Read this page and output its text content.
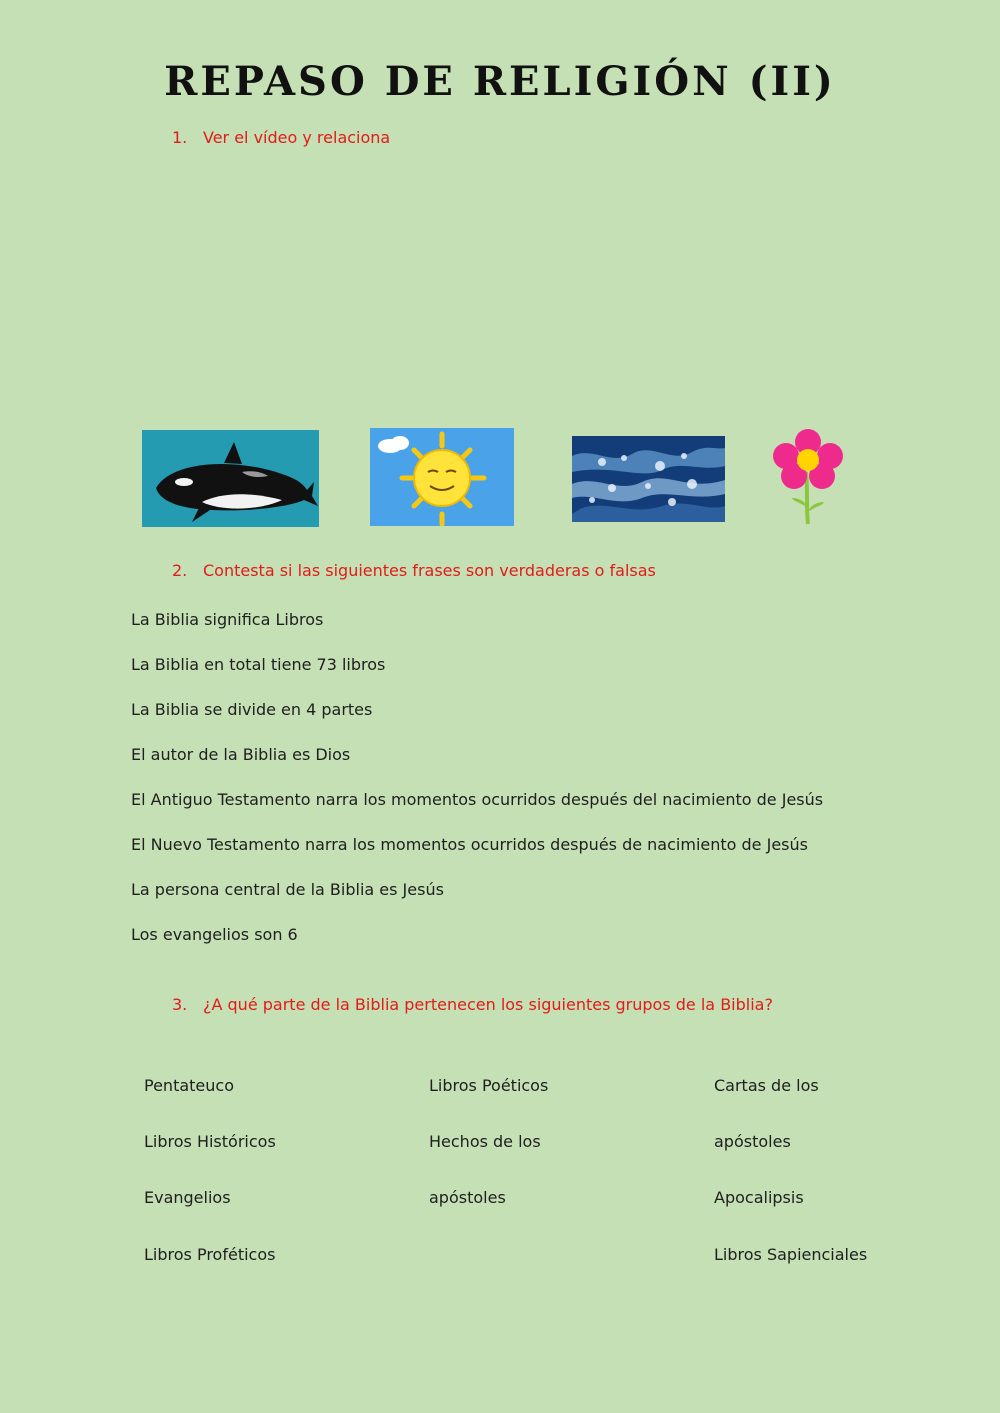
REPASO DE RELIGIÓN (II)
1. Ver el vídeo y relaciona
2. Contesta si las siguientes frases son verdaderas o falsas
La Biblia significa Libros
La Biblia en total tiene 73 libros
La Biblia se divide en 4 partes
El autor de la Biblia es Dios
El Antiguo Testamento narra los momentos ocurridos después del nacimiento de Jesús
El Nuevo Testamento narra los momentos ocurridos después de nacimiento de Jesús
La persona central de la Biblia es Jesús
Los evangelios son 6
3. ¿A qué parte de la Biblia pertenecen los siguientes grupos de la Biblia?
Pentateuco
Libros Históricos
Evangelios
Libros Proféticos
Libros Poéticos
Hechos de los
apóstoles
Cartas de los
apóstoles
Apocalipsis
Libros Sapienciales
